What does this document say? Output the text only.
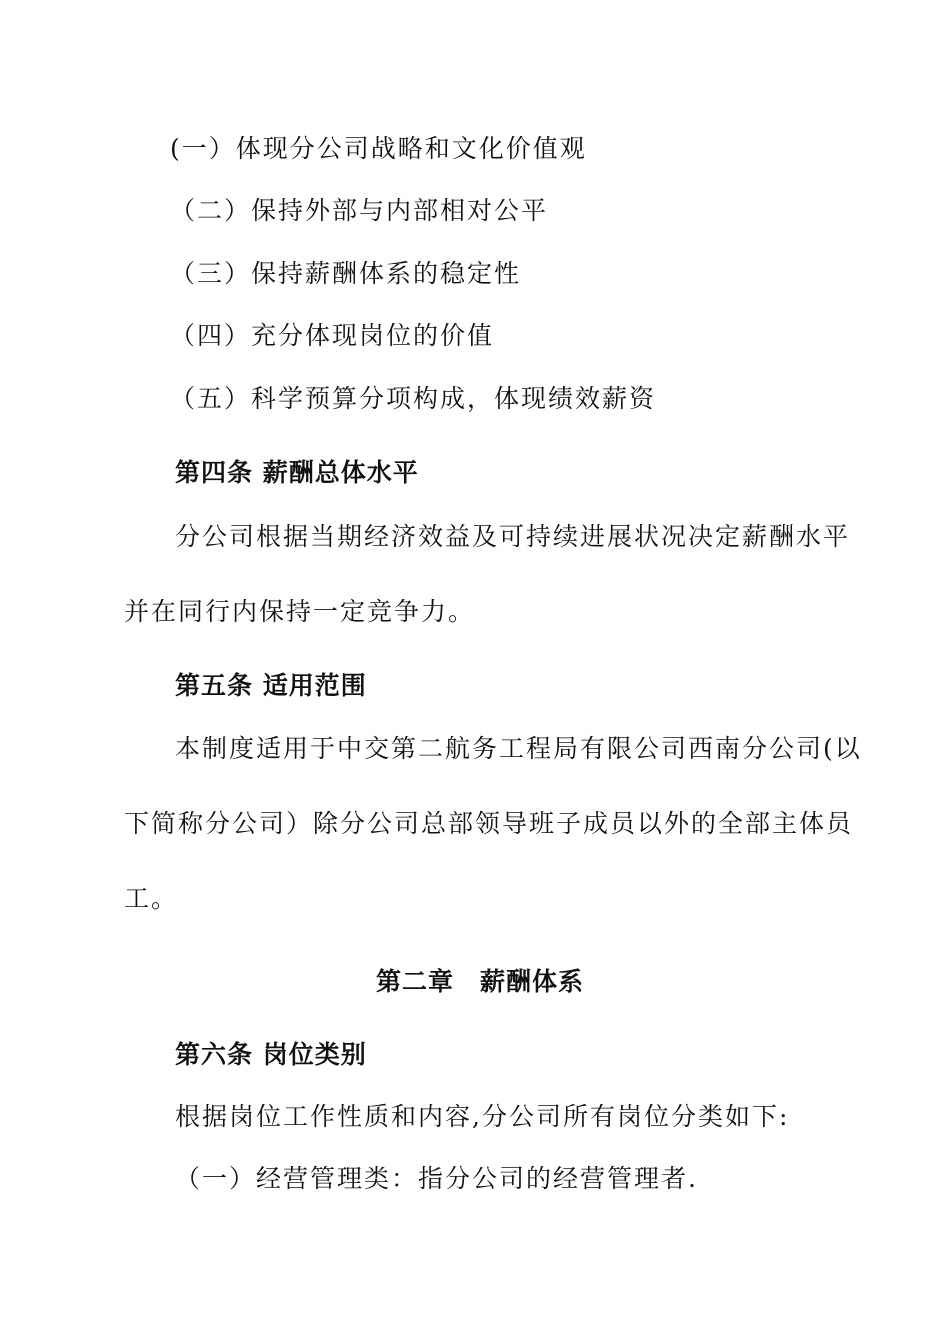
(一）体现分公司战略和文化价值观
（二）保持外部与内部相对公平
（三）保持薪酬体系的稳定性
（四）充分体现岗位的价值
（五）科学预算分项构成，体现绩效薪资
第四条 薪酬总体水平
分公司根据当期经济效益及可持续进展状况决定薪酬水平
并在同行内保持一定竞争力。
第五条 适用范围
本制度适用于中交第二航务工程局有限公司西南分公司(以
下简称分公司）除分公司总部领导班子成员以外的全部主体员
工。
第二章　薪酬体系
第六条 岗位类别
根据岗位工作性质和内容,分公司所有岗位分类如下:
（一）经营管理类：指分公司的经营管理者.
